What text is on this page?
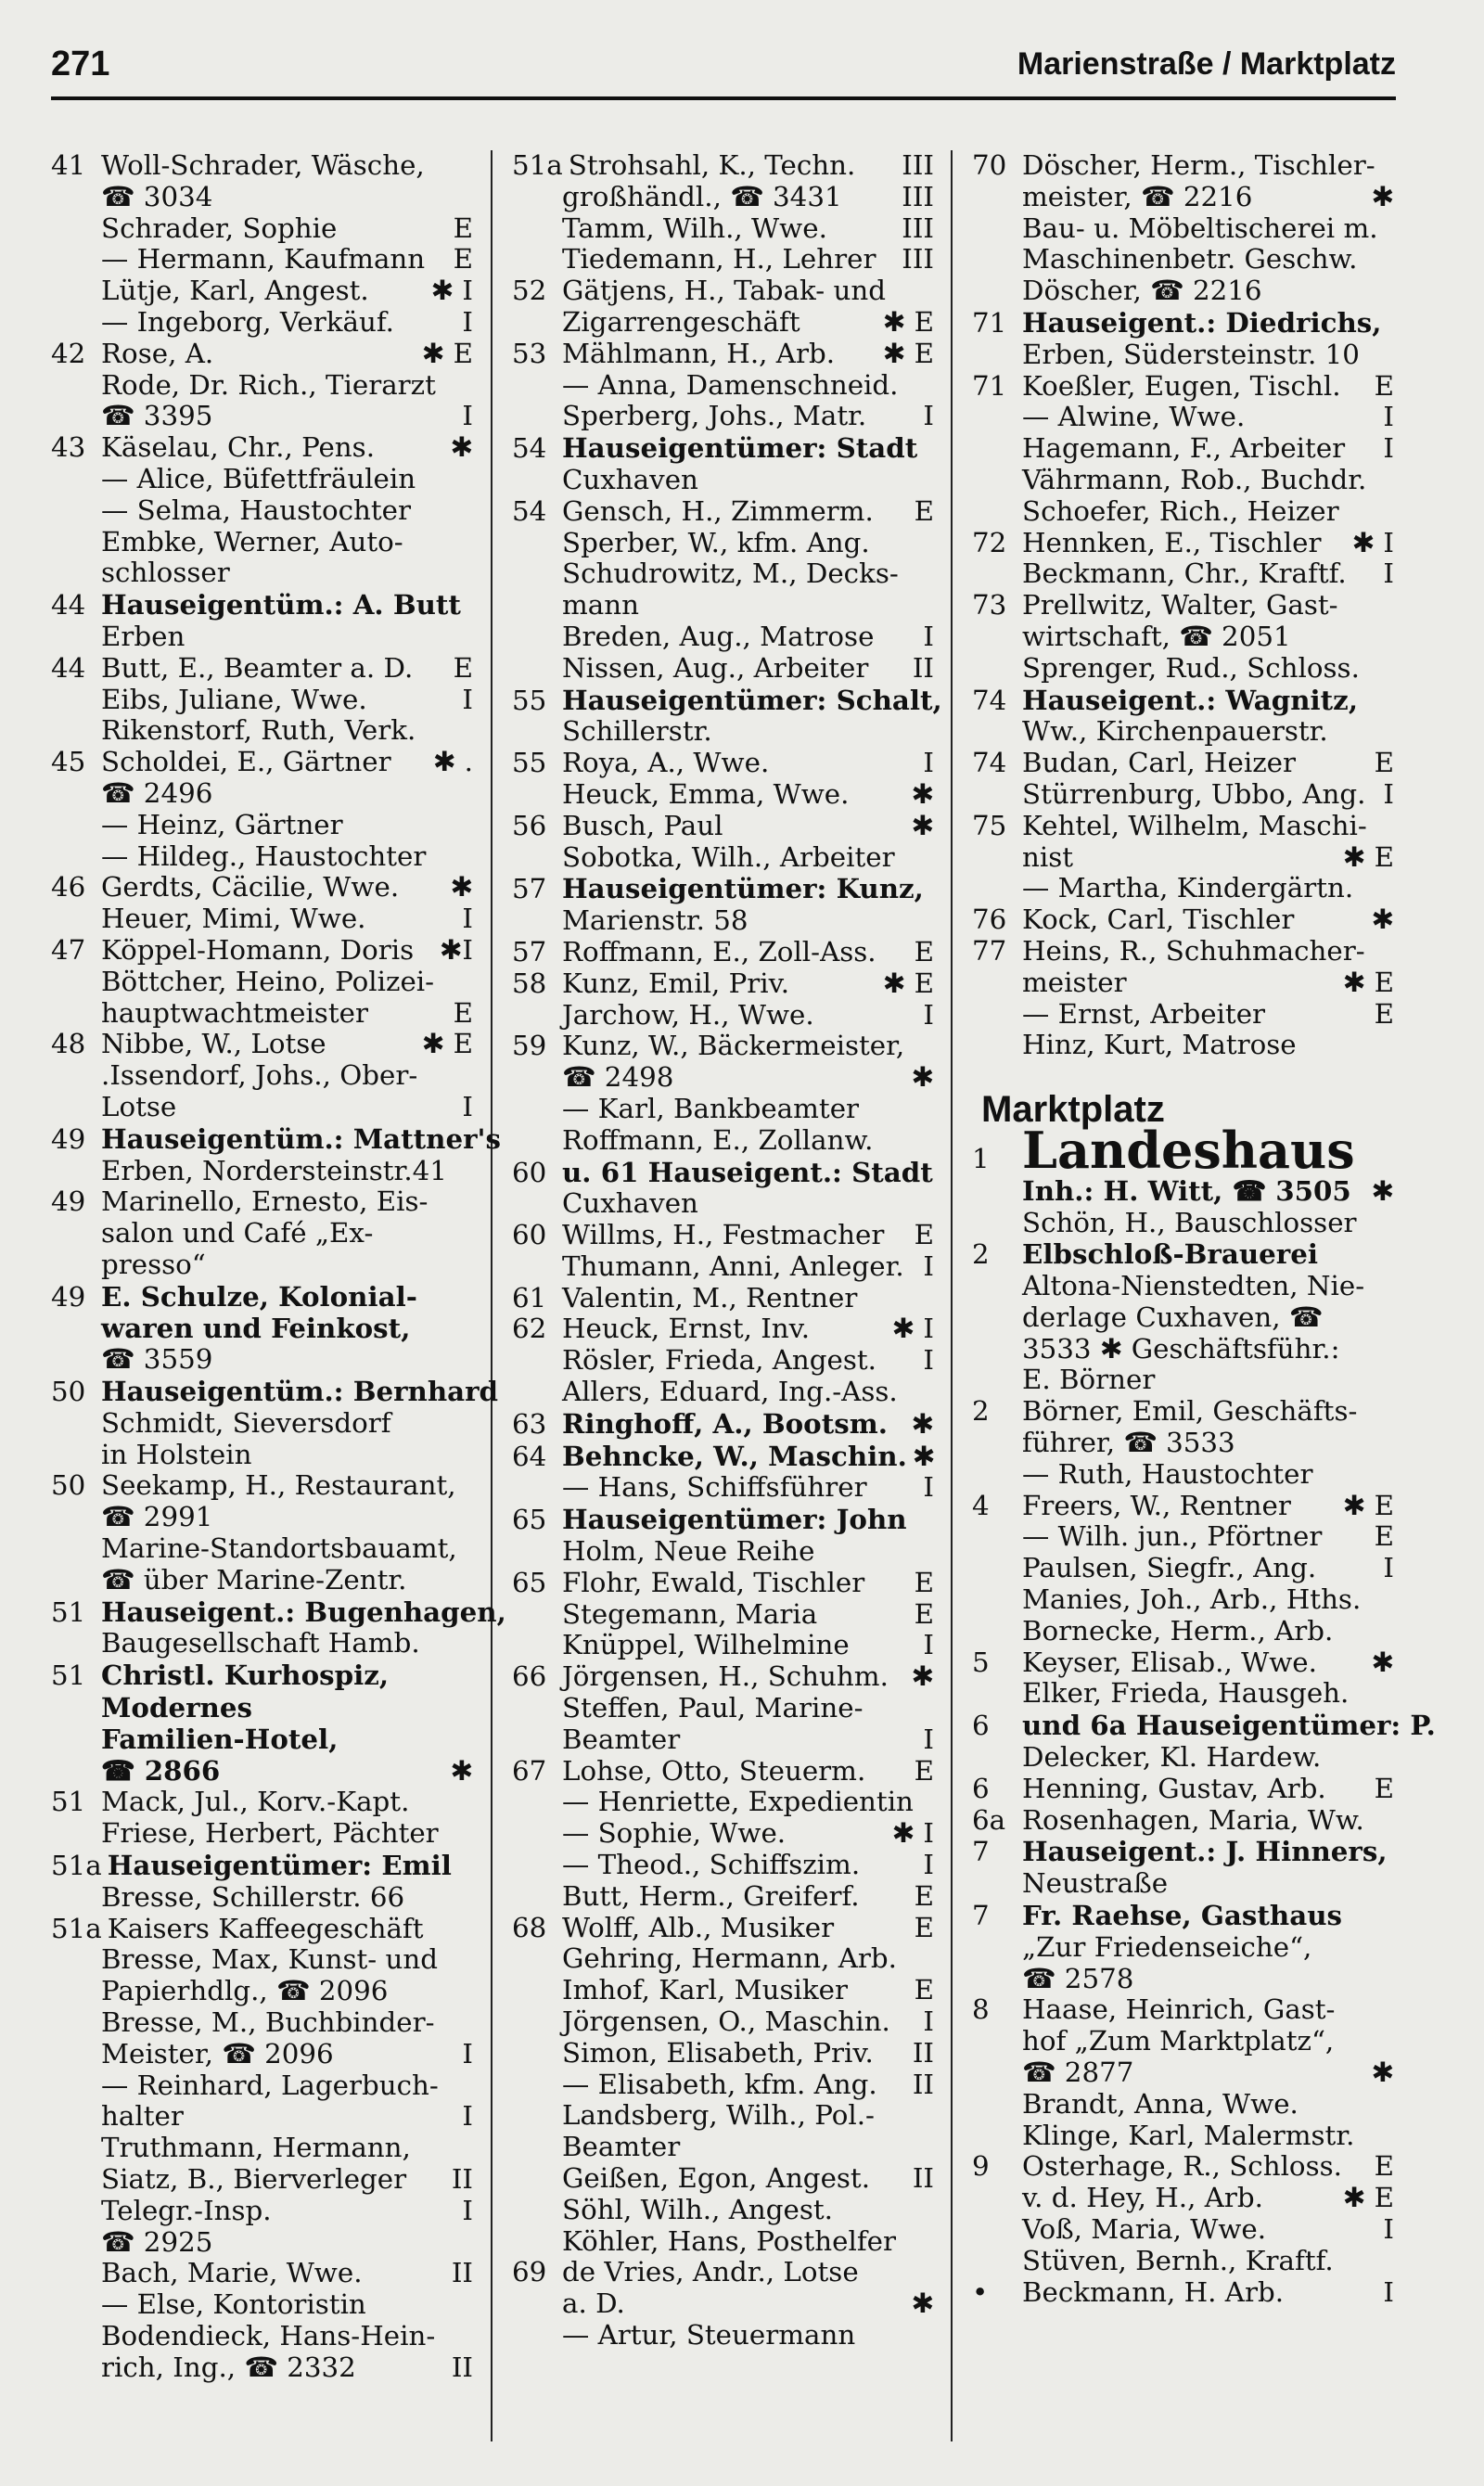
271	Marienstraße / Marktplatz
41 Woll-Schrader, Wäsche,
☎ 3034
Schrader, Sophie	E
— Hermann, Kaufmann	E
Lütje, Karl, Angest.	✱ I
— Ingeborg, Verkäuf.	I
42 Rose, A.	✱ E
Rode, Dr. Rich., Tierarzt
☎ 3395	I
43 Käselau, Chr., Pens.	✱
— Alice, Büfettfräulein
— Selma, Haustochter
Embke, Werner, Auto-
schlosser
44 Hauseigentüm.: A. Butt
Erben
44 Butt, E., Beamter a. D.	E
Eibs, Juliane, Wwe.	I
Rikenstorf, Ruth, Verk.
45 Scholdei, E., Gärtner	✱ .
☎ 2496
— Heinz, Gärtner
— Hildeg., Haustochter
46 Gerdts, Cäcilie, Wwe.	✱
Heuer, Mimi, Wwe.	I
47 Köppel-Homann, Doris ✱I
Böttcher, Heino, Polizei-
hauptwachtmeister	E
48 Nibbe, W., Lotse	✱ E
.Issendorf, Johs., Ober-
Lotse	I
49 Hauseigentüm.: Mattner's
Erben, Nordersteinstr.41
49 Marinello, Ernesto, Eis-
salon und Café „Ex-
presso“
49 E. Schulze, Kolonial-
waren und Feinkost,
☎ 3559
50 Hauseigentüm.: Bernhard
Schmidt, Sieversdorf
in Holstein
50 Seekamp, H., Restaurant,
☎ 2991
Marine-Standortsbauamt,
☎ über Marine-Zentr.
51 Hauseigent.: Bugenhagen,
Baugesellschaft Hamb.
51 Christl. Kurhospiz,
Modernes
Familien-Hotel,
☎ 2866	✱
51 Mack, Jul., Korv.-Kapt.
Friese, Herbert, Pächter
51a Hauseigentümer: Emil
Bresse, Schillerstr. 66
51a Kaisers Kaffeegeschäft
Bresse, Max, Kunst- und
Papierhdlg., ☎ 2096
Bresse, M., Buchbinder-
Meister, ☎ 2096	I
— Reinhard, Lagerbuch-
halter	I
Truthmann, Hermann,
Siatz, B., Bierverleger	II
Telegr.-Insp.	I
☎ 2925
Bach, Marie, Wwe.	II
— Else, Kontoristin
Bodendieck, Hans-Hein-
rich, Ing., ☎ 2332	II
51a Strohsahl, K., Techn.	III
großhändl., ☎ 3431	III
Tamm, Wilh., Wwe.	III
Tiedemann, H., Lehrer III
52 Gätjens, H., Tabak- und
Zigarrengeschäft	✱ E
53 Mählmann, H., Arb.	✱ E
— Anna, Damenschneid.
Sperberg, Johs., Matr.	I
54 Hauseigentümer: Stadt
Cuxhaven
54 Gensch, H., Zimmerm.	E
Sperber, W., kfm. Ang.
Schudrowitz, M., Decks-
mann
Breden, Aug., Matrose	I
Nissen, Aug., Arbeiter	II
55 Hauseigentümer: Schalt,
Schillerstr.
55 Roya, A., Wwe.	I
Heuck, Emma, Wwe.	✱
56 Busch, Paul	✱
Sobotka, Wilh., Arbeiter
57 Hauseigentümer: Kunz,
Marienstr. 58
57 Roffmann, E., Zoll-Ass.	E
58 Kunz, Emil, Priv.	✱ E
Jarchow, H., Wwe.	I
59 Kunz, W., Bäckermeister,
☎ 2498	✱
— Karl, Bankbeamter
Roffmann, E., Zollanw.
60 u. 61 Hauseigent.: Stadt
Cuxhaven
60 Willms, H., Festmacher	E
Thumann, Anni, Anleger. I
61 Valentin, M., Rentner
62 Heuck, Ernst, Inv.	✱ I
Rösler, Frieda, Angest.	I
Allers, Eduard, Ing.-Ass.
63 Ringhoff, A., Bootsm. ✱
64 Behncke, W., Maschin. ✱
— Hans, Schiffsführer	I
65 Hauseigentümer: John
Holm, Neue Reihe
65 Flohr, Ewald, Tischler	E
Stegemann, Maria	E
Knüppel, Wilhelmine	I
66 Jörgensen, H., Schuhm. ✱
Steffen, Paul, Marine-
Beamter	I
67 Lohse, Otto, Steuerm.	E
— Henriette, Expedientin
— Sophie, Wwe.	✱ I
— Theod., Schiffszim.	I
Butt, Herm., Greiferf.	E
68 Wolff, Alb., Musiker	E
Gehring, Hermann, Arb.
Imhof, Karl, Musiker	E
Jörgensen, O., Maschin.	I
Simon, Elisabeth, Priv.	II
— Elisabeth, kfm. Ang.	II
Landsberg, Wilh., Pol.-
Beamter
Geißen, Egon, Angest.	II
Söhl, Wilh., Angest.
Köhler, Hans, Posthelfer
69 de Vries, Andr., Lotse
a. D.	✱
— Artur, Steuermann
70 Döscher, Herm., Tischler-
meister, ☎ 2216	✱
Bau- u. Möbeltischerei m.
Maschinenbetr. Geschw.
Döscher, ☎ 2216
71 Hauseigent.: Diedrichs,
Erben, Südersteinstr. 10
71 Koeßler, Eugen, Tischl.	E
— Alwine, Wwe.	I
Hagemann, F., Arbeiter	I
Vährmann, Rob., Buchdr.
Schoefer, Rich., Heizer
72 Hennken, E., Tischler	✱ I
Beckmann, Chr., Kraftf.	I
73 Prellwitz, Walter, Gast-
wirtschaft, ☎ 2051
Sprenger, Rud., Schloss.
74 Hauseigent.: Wagnitz,
Ww., Kirchenpauerstr.
74 Budan, Carl, Heizer	E
Stürrenburg, Ubbo, Ang. I
75 Kehtel, Wilhelm, Maschi-
nist	✱ E
— Martha, Kindergärtn.
76 Kock, Carl, Tischler	✱
77 Heins, R., Schuhmacher-
meister	✱ E
— Ernst, Arbeiter	E
Hinz, Kurt, Matrose
Marktplatz
1 Landeshaus
Inh.: H. Witt, ☎ 3505 ✱
Schön, H., Bauschlosser
2	Elbschloß-Brauerei
Altona-Nienstedten, Nie-
derlage Cuxhaven, ☎
3533 ✱ Geschäftsführ.:
E. Börner
2	Börner, Emil, Geschäfts-
führer, ☎ 3533
— Ruth, Haustochter
4	Freers, W., Rentner	✱ E
— Wilh. jun., Pförtner	E
Paulsen, Siegfr., Ang.	I
Manies, Joh., Arb., Hths.
Bornecke, Herm., Arb.
5	Keyser, Elisab., Wwe.	✱
Elker, Frieda, Hausgeh.
6	und 6a Hauseigentümer: P.
Delecker, Kl. Hardew.
6	Henning, Gustav, Arb.	E
6a Rosenhagen, Maria, Ww.
7	Hauseigent.: J. Hinners,
Neustraße
7	Fr. Raehse, Gasthaus
„Zur Friedenseiche“,
☎ 2578
8	Haase, Heinrich, Gast-
hof „Zum Marktplatz“,
☎ 2877	✱
Brandt, Anna, Wwe.
Klinge, Karl, Malermstr.
9	Osterhage, R., Schloss.	E
v. d. Hey, H., Arb.	✱ E
Voß, Maria, Wwe.	I
Stüven, Bernh., Kraftf.
•	Beckmann, H. Arb.	I
